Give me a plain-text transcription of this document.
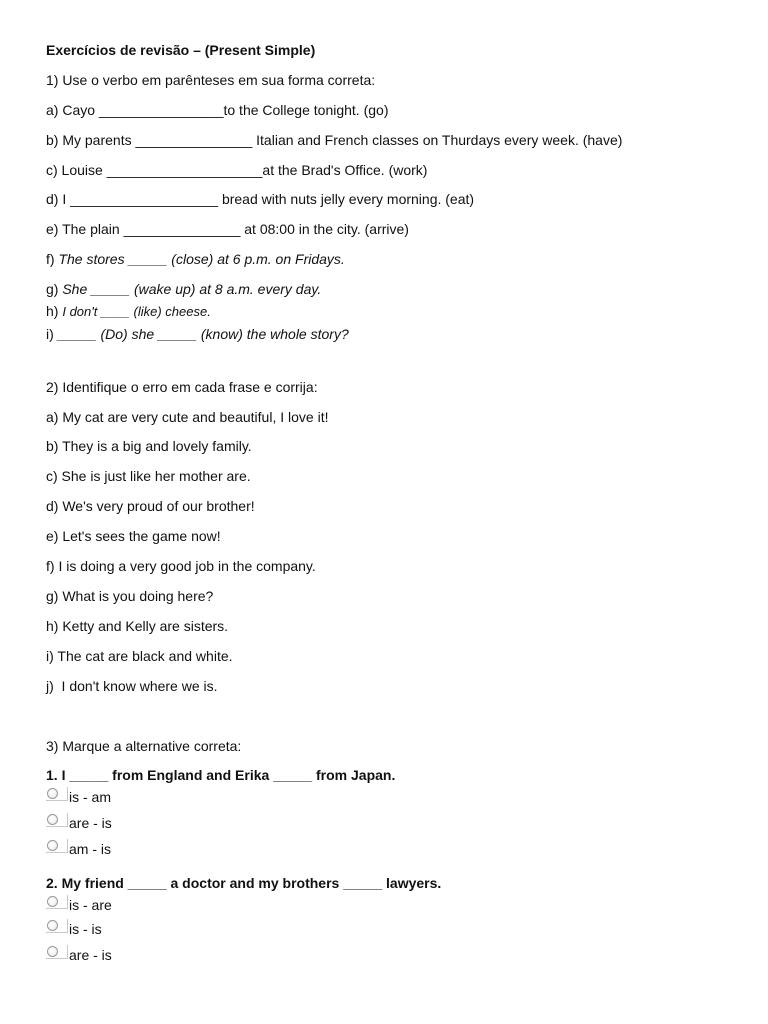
Exercícios de revisão – (Present Simple)
1) Use o verbo em parênteses em sua forma correta:
a) Cayo ________________to the College tonight. (go)
b) My parents _______________ Italian and French classes on Thurdays every week. (have)
c) Louise ____________________at the Brad's Office. (work)
d) I ___________________ bread with nuts jelly every morning. (eat)
e) The plain _______________ at 08:00 in the city. (arrive)
f) The stores _____ (close) at 6 p.m. on Fridays.
g) She _____ (wake up) at 8 a.m. every day.
h) I don't ____ (like) cheese.
i) _____ (Do) she _____ (know) the whole story?
2) Identifique o erro em cada frase e corrija:
a) My cat are very cute and beautiful, I love it!
b) They is a big and lovely family.
c) She is just like her mother are.
d) We's very proud of our brother!
e) Let's sees the game now!
f) I is doing a very good job in the company.
g) What is you doing here?
h) Ketty and Kelly are sisters.
i) The cat are black and white.
j)  I don't know where we is.
3) Marque a alternative correta:
1. I _____ from England and Erika _____ from Japan.
is - am
are - is
am - is
2. My friend _____ a doctor and my brothers _____ lawyers.
is - are
is - is
are - is
